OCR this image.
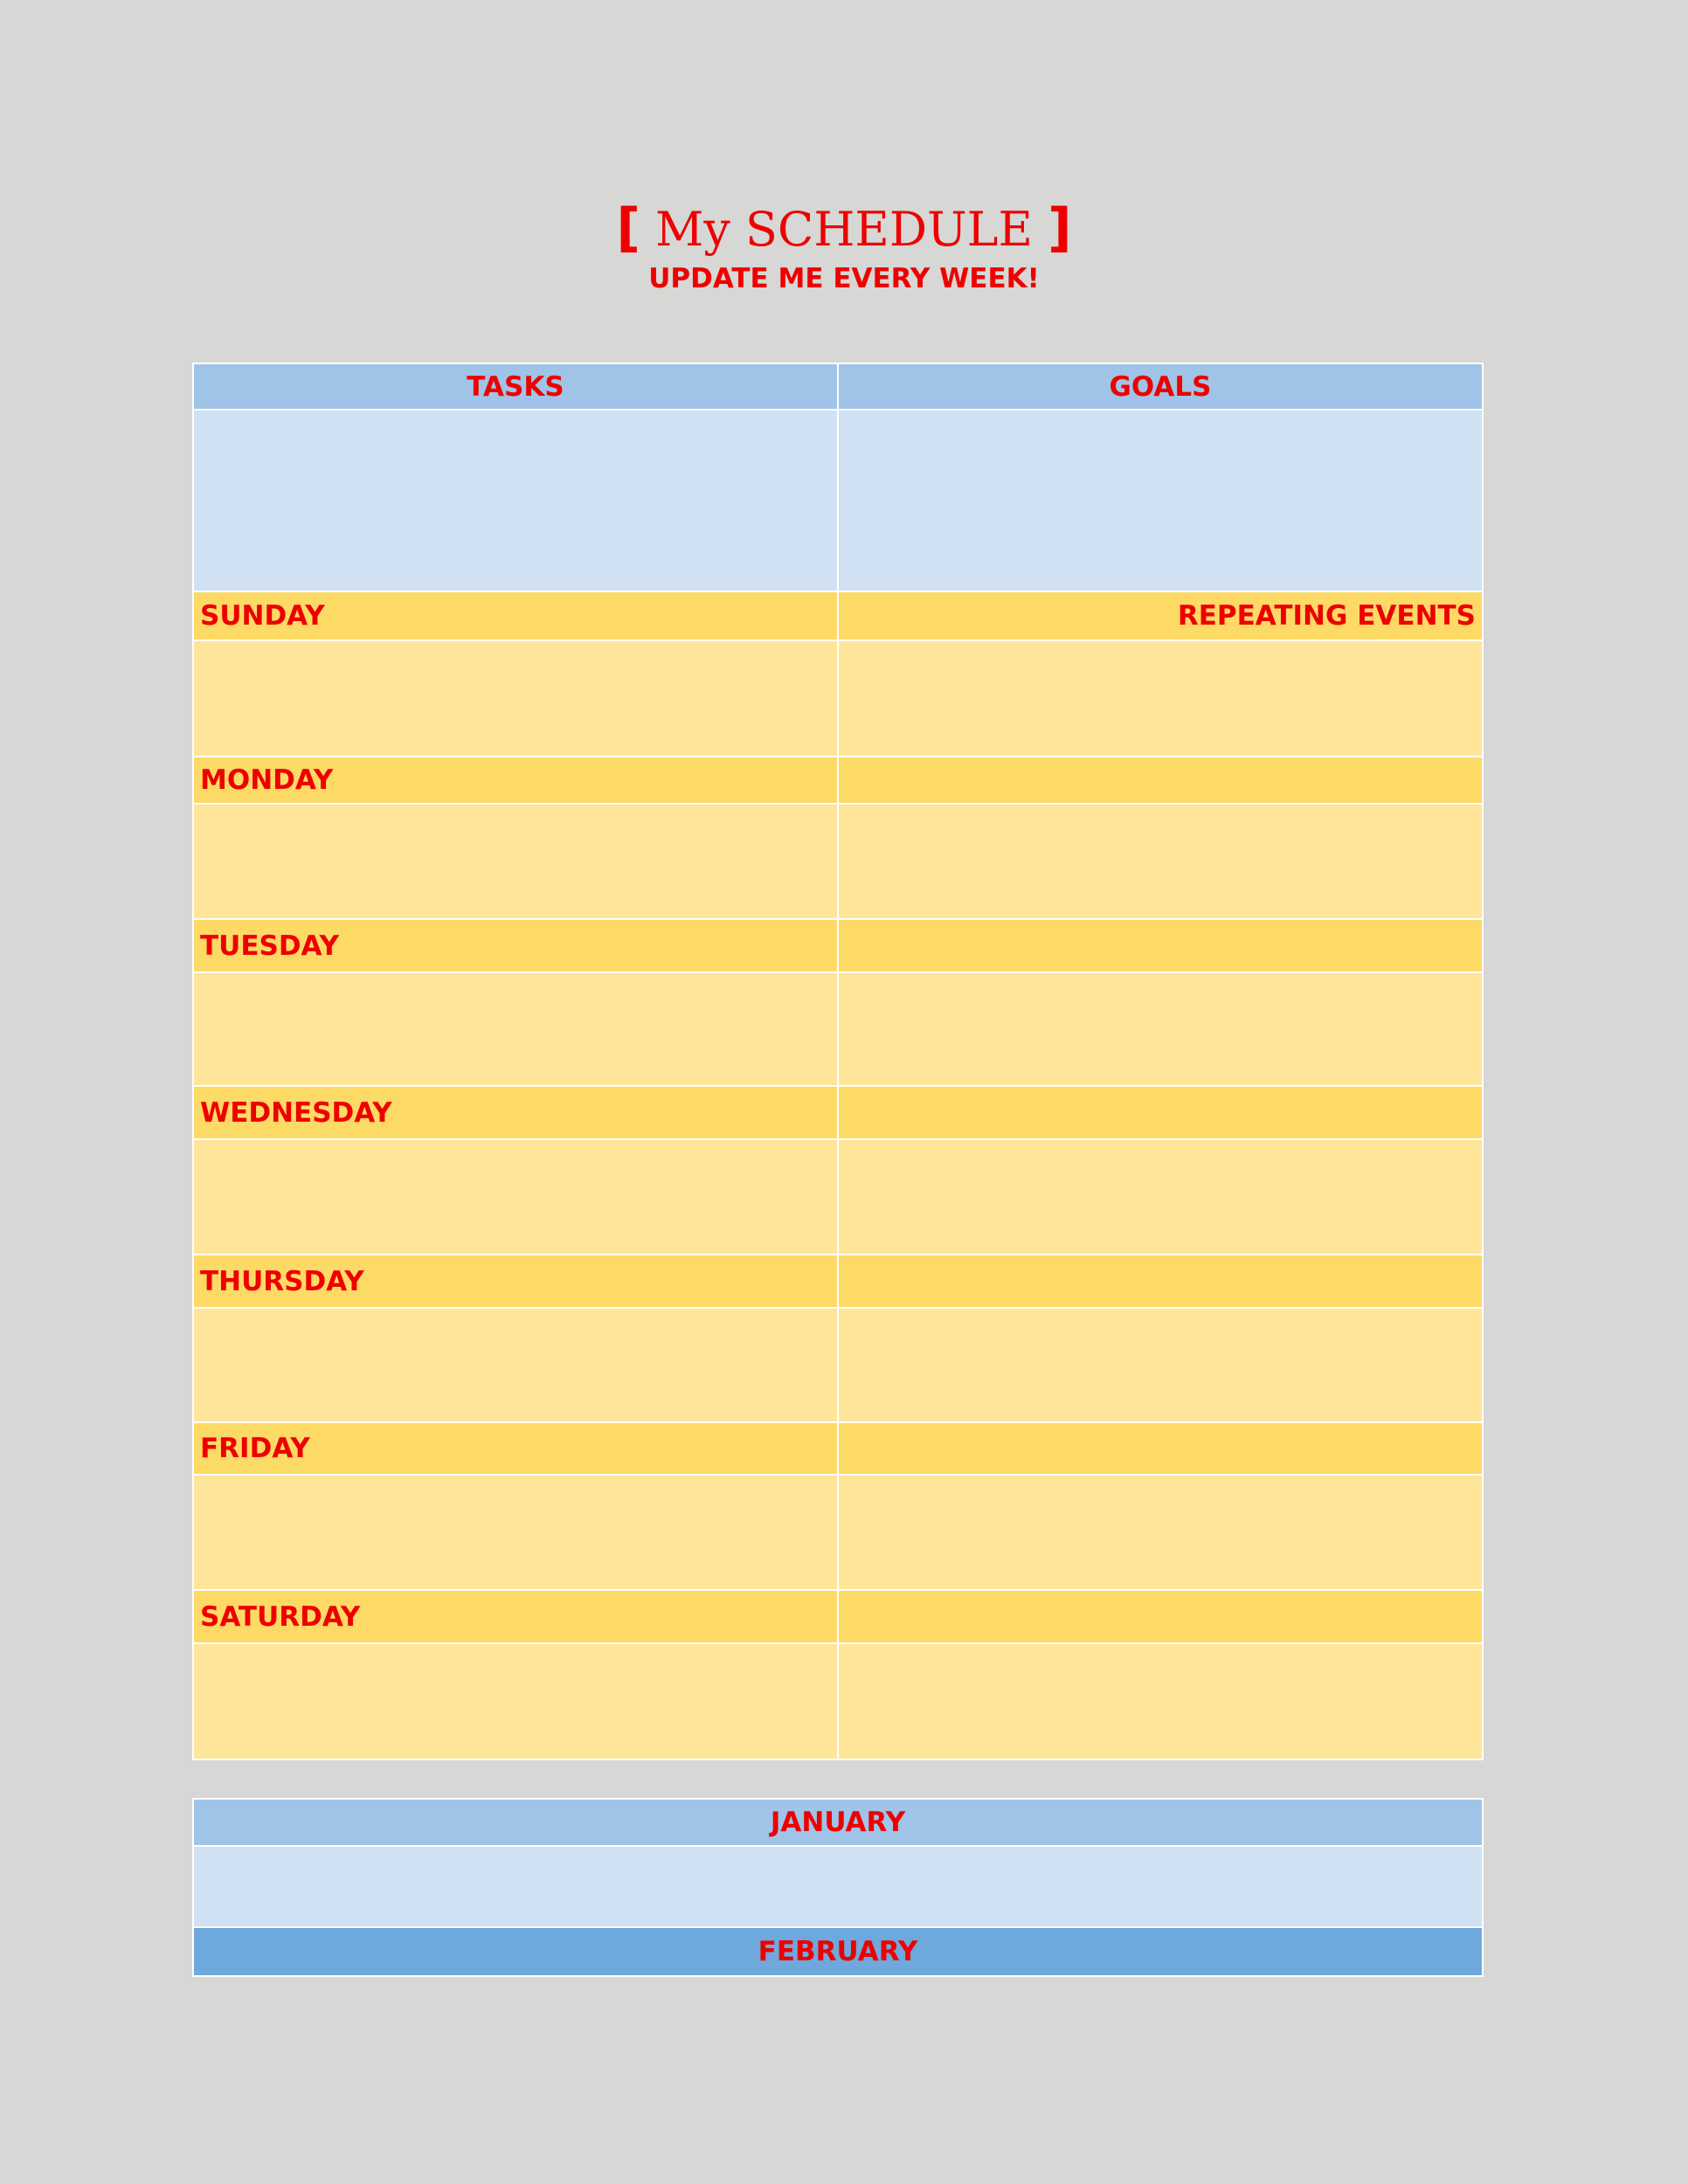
[ My SCHEDULE ]
UPDATE ME EVERY WEEK!
TASKS	GOALS
SUNDAY	REPEATING EVENTS
MONDAY
TUESDAY
WEDNESDAY
THURSDAY
FRIDAY
SATURDAY
JANUARY
FEBRUARY
